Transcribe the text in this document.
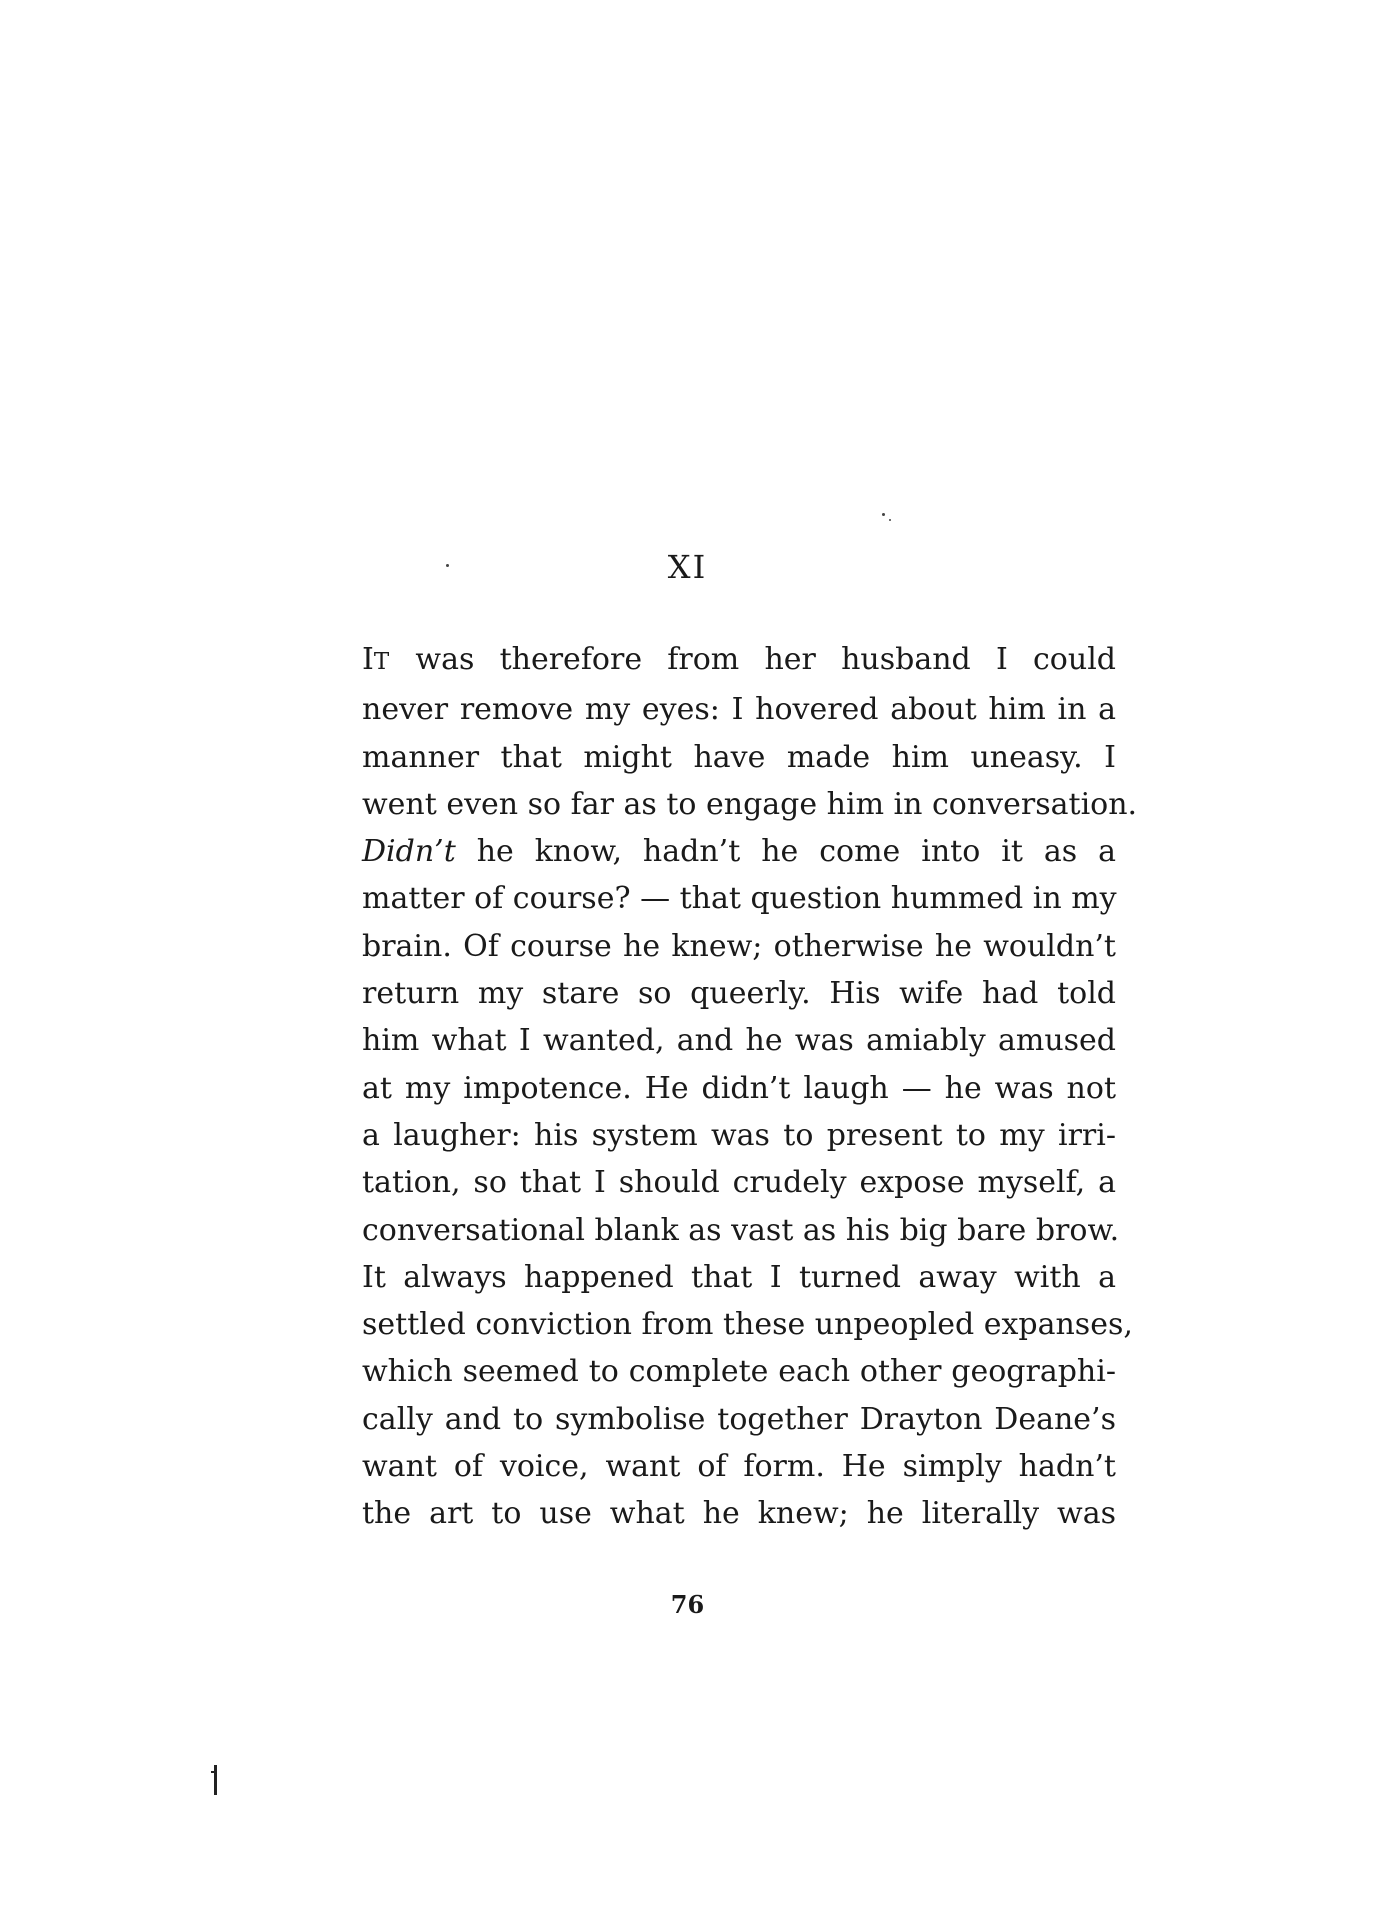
XI
IT was therefore from her husband I could
never remove my eyes: I hovered about him in a
manner that might have made him uneasy. I
went even so far as to engage him in conversation.
Didn’t he know, hadn’t he come into it as a
matter of course? — that question hummed in my
brain. Of course he knew; otherwise he wouldn’t
return my stare so queerly. His wife had told
him what I wanted, and he was amiably amused
at my impotence. He didn’t laugh — he was not
a laugher: his system was to present to my irri-
tation, so that I should crudely expose myself, a
conversational blank as vast as his big bare brow.
It always happened that I turned away with a
settled conviction from these unpeopled expanses,
which seemed to complete each other geographi-
cally and to symbolise together Drayton Deane’s
want of voice, want of form. He simply hadn’t
the art to use what he knew; he literally was
76
